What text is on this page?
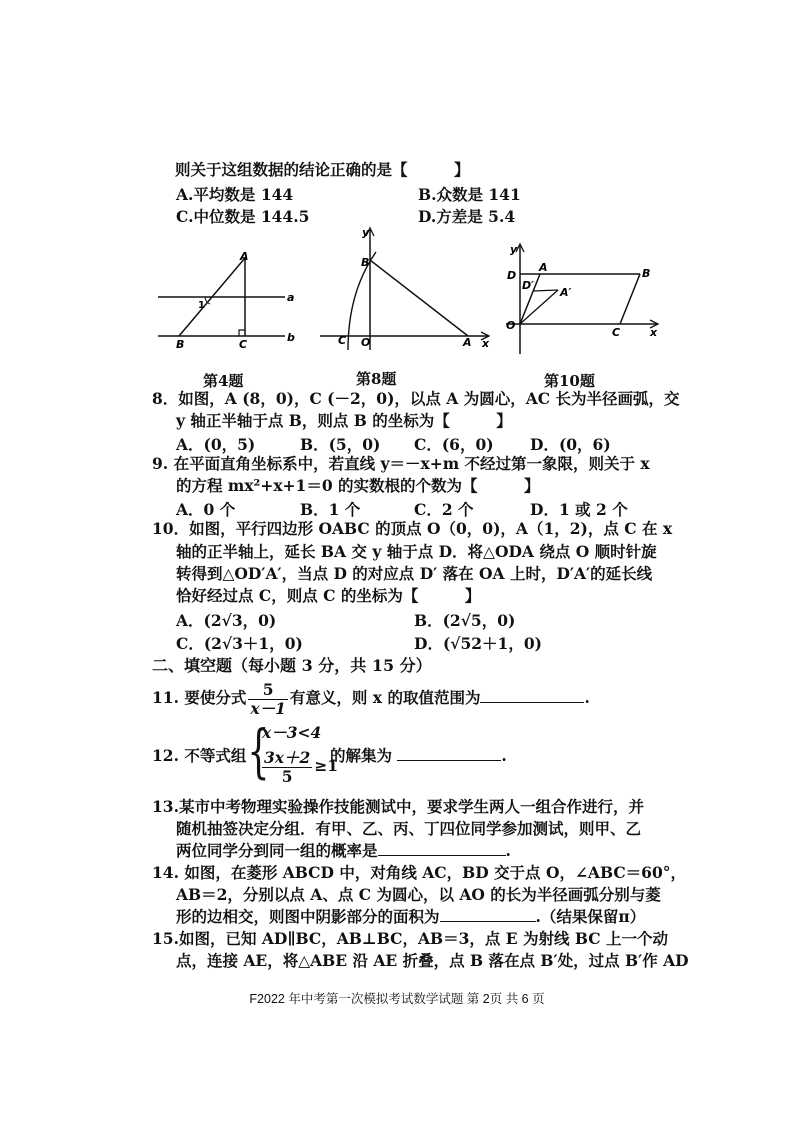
则关于这组数据的结论正确的是【　　　】
A.平均数是 144	B.众数是 141
C.中位数是 144.5	D.方差是 5.4
A
1
a
B	C
b
第4题
y
B
C O	A x
第8题
y
D
A	B
D′
A′
O
C	x
第10题
8．如图，A (8，0)，C (－2，0)，以点 A 为圆心，AC 长为半径画弧，交
y 轴正半轴于点 B，则点 B 的坐标为【　　　】
A．(0，5)	B．(5，0) C．(6，0) D．(0，6)
9. 在平面直角坐标系中，若直线 y＝－x+m 不经过第一象限，则关于 x
的方程 mx²+x+1＝0 的实数根的个数为【　　　】
A．0 个	B．1 个	C．2 个	D．1 或 2 个
10．如图，平行四边形 OABC 的顶点 O（0，0)，A（1，2)，点 C 在 x
轴的正半轴上，延长 BA 交 y 轴于点 D．将△ODA 绕点 O 顺时针旋
转得到△OD′A′，当点 D 的对应点 D′ 落在 OA 上时，D′A′的延长线
恰好经过点 C，则点 C 的坐标为【　　　】
A．(2√3，0)	B．(2√5，0)
C．(2√3＋1，0)	D．(√52＋1，0)
二、填空题（每小题 3 分，共 15 分）
11. 要使分式 $\frac{5}{x-1}$ 有意义，则 x 的取值范围为	.
12. 不等式组 {
x－3<4
$\frac{3x+2}{5} \ge 1$
的解集为	.
13.某市中考物理实验操作技能测试中，要求学生两人一组合作进行，并
随机抽签决定分组．有甲、乙、丙、丁四位同学参加测试，则甲、乙
两位同学分到同一组的概率是	.
14. 如图，在菱形 ABCD 中，对角线 AC，BD 交于点 O，∠ABC＝60°，
AB＝2，分别以点 A、点 C 为圆心，以 AO 的长为半径画弧分别与菱
形的边相交，则图中阴影部分的面积为	.（结果保留π）
15.如图，已知 AD∥BC，AB⊥BC，AB＝3，点 E 为射线 BC 上一个动
点，连接 AE，将△ABE 沿 AE 折叠，点 B 落在点 B′处，过点 B′作 AD
F2022 年中考第一次模拟考试数学试题 第 2页 共 6 页
